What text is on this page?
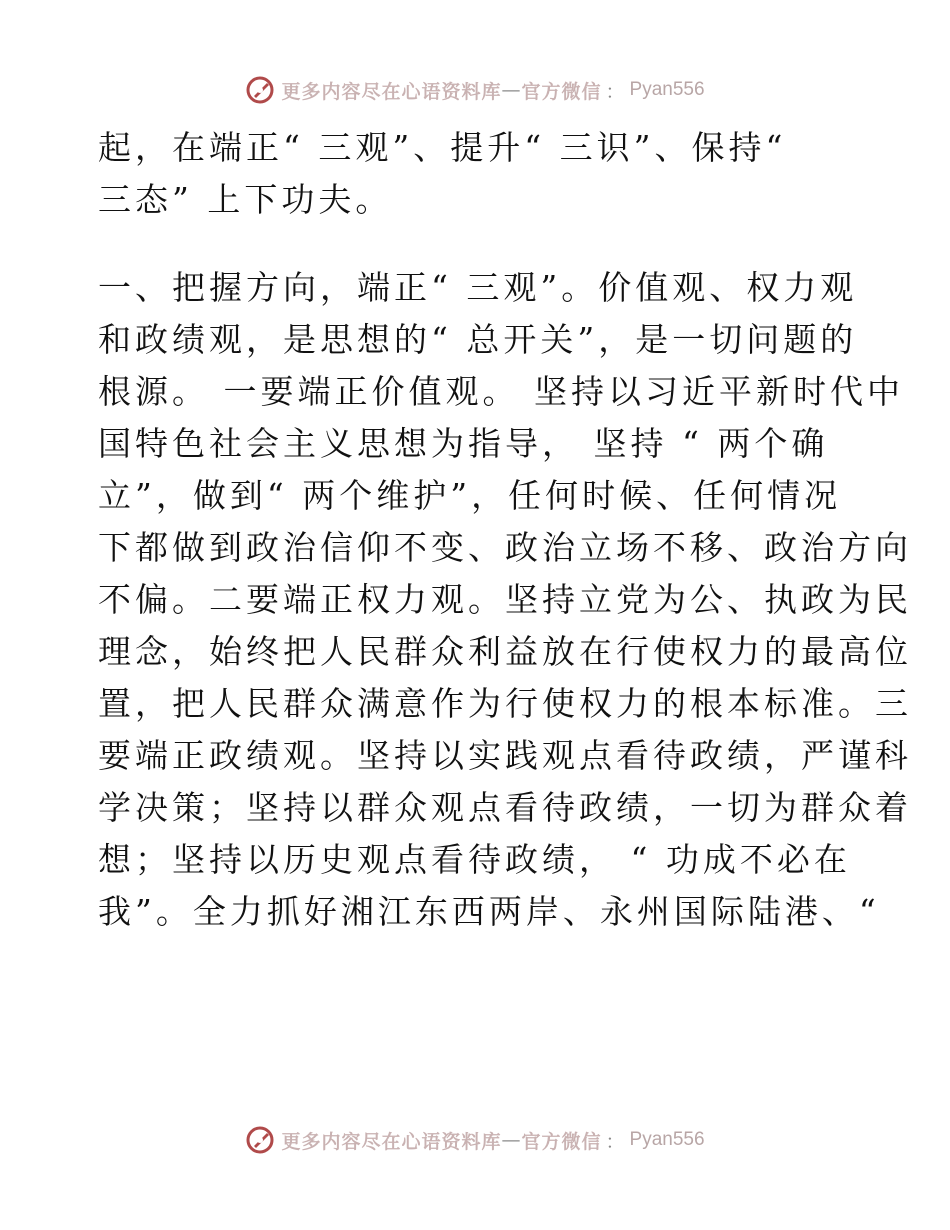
更多内容尽在心语资料库 — 官方微信 ： Pyan556
起，在端正“ 三观”、提升“ 三识”、保持“
三态” 上下功夫。
一、把握方向，端正“ 三观”。价值观、权力观
和政绩观，是思想的“ 总开关”，是一切问题的
根源。 一要端正价值观。 坚持以习近平新时代中
国特色社会主义思想为指导， 坚持 “ 两个确
立”，做到“ 两个维护”，任何时候、任何情况
下都做到政治信仰不变、政治立场不移、政治方向
不偏。二要端正权力观。坚持立党为公、执政为民
理念，始终把人民群众利益放在行使权力的最高位
置，把人民群众满意作为行使权力的根本标准。三
要端正政绩观。坚持以实践观点看待政绩，严谨科
学决策；坚持以群众观点看待政绩，一切为群众着
想；坚持以历史观点看待政绩， “ 功成不必在
我”。全力抓好湘江东西两岸、永州国际陆港、“
更多内容尽在心语资料库 — 官方微信 ： Pyan556
